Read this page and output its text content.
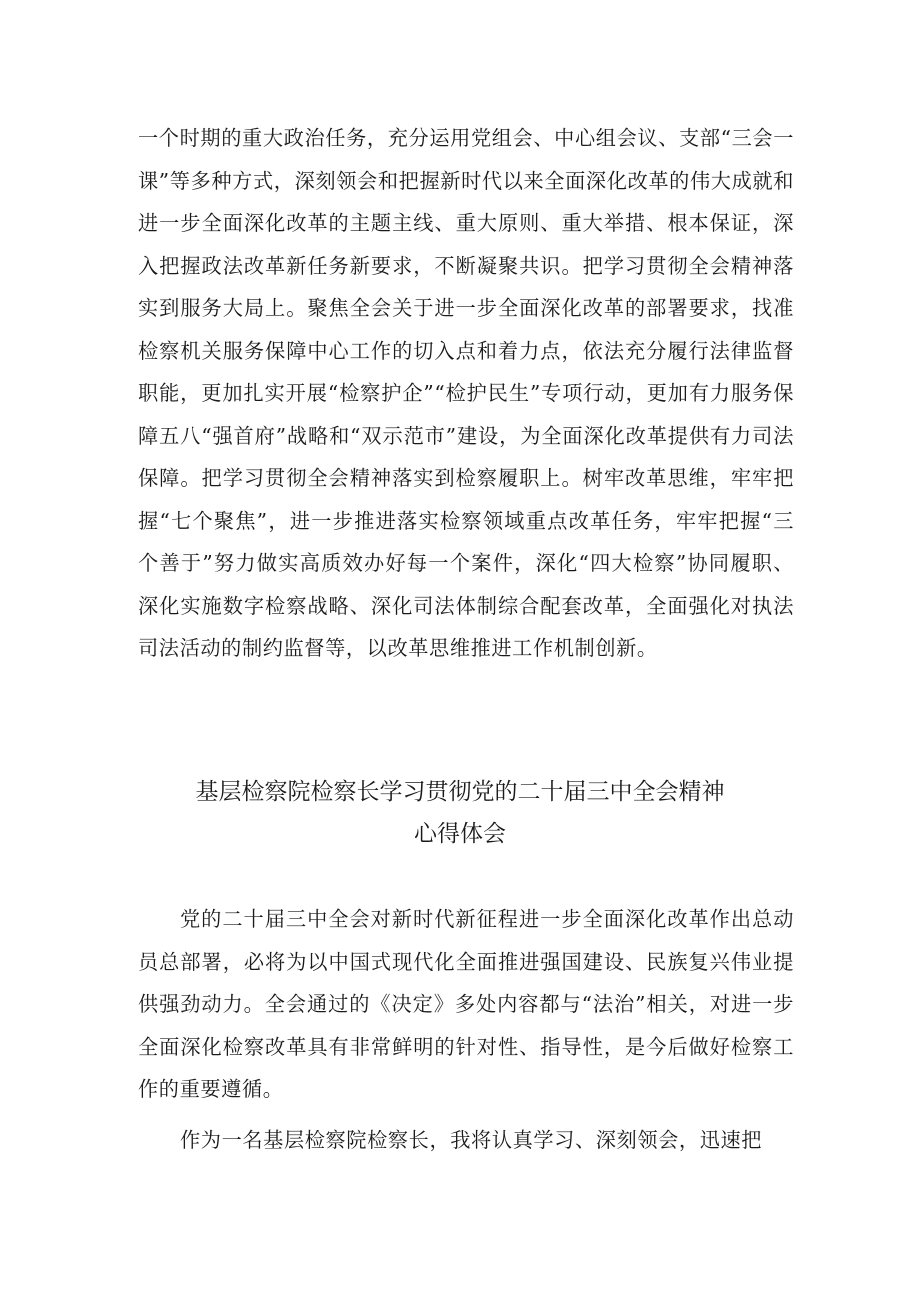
一个时期的重大政治任务，充分运用党组会、中心组会议、支部“三会一课”等多种方式，深刻领会和把握新时代以来全面深化改革的伟大成就和进一步全面深化改革的主题主线、重大原则、重大举措、根本保证，深入把握政法改革新任务新要求，不断凝聚共识。把学习贯彻全会精神落实到服务大局上。聚焦全会关于进一步全面深化改革的部署要求，找准检察机关服务保障中心工作的切入点和着力点，依法充分履行法律监督职能，更加扎实开展“检察护企”“检护民生”专项行动，更加有力服务保障五八“强首府”战略和“双示范市”建设，为全面深化改革提供有力司法保障。把学习贯彻全会精神落实到检察履职上。树牢改革思维，牢牢把握“七个聚焦”，进一步推进落实检察领域重点改革任务，牢牢把握“三个善于”努力做实高质效办好每一个案件，深化“四大检察”协同履职、深化实施数字检察战略、深化司法体制综合配套改革，全面强化对执法司法活动的制约监督等，以改革思维推进工作机制创新。

基层检察院检察长学习贯彻党的二十届三中全会精神
心得体会

党的二十届三中全会对新时代新征程进一步全面深化改革作出总动员总部署，必将为以中国式现代化全面推进强国建设、民族复兴伟业提供强劲动力。全会通过的《决定》多处内容都与“法治”相关，对进一步全面深化检察改革具有非常鲜明的针对性、指导性，是今后做好检察工作的重要遵循。

作为一名基层检察院检察长，我将认真学习、深刻领会，迅速把
